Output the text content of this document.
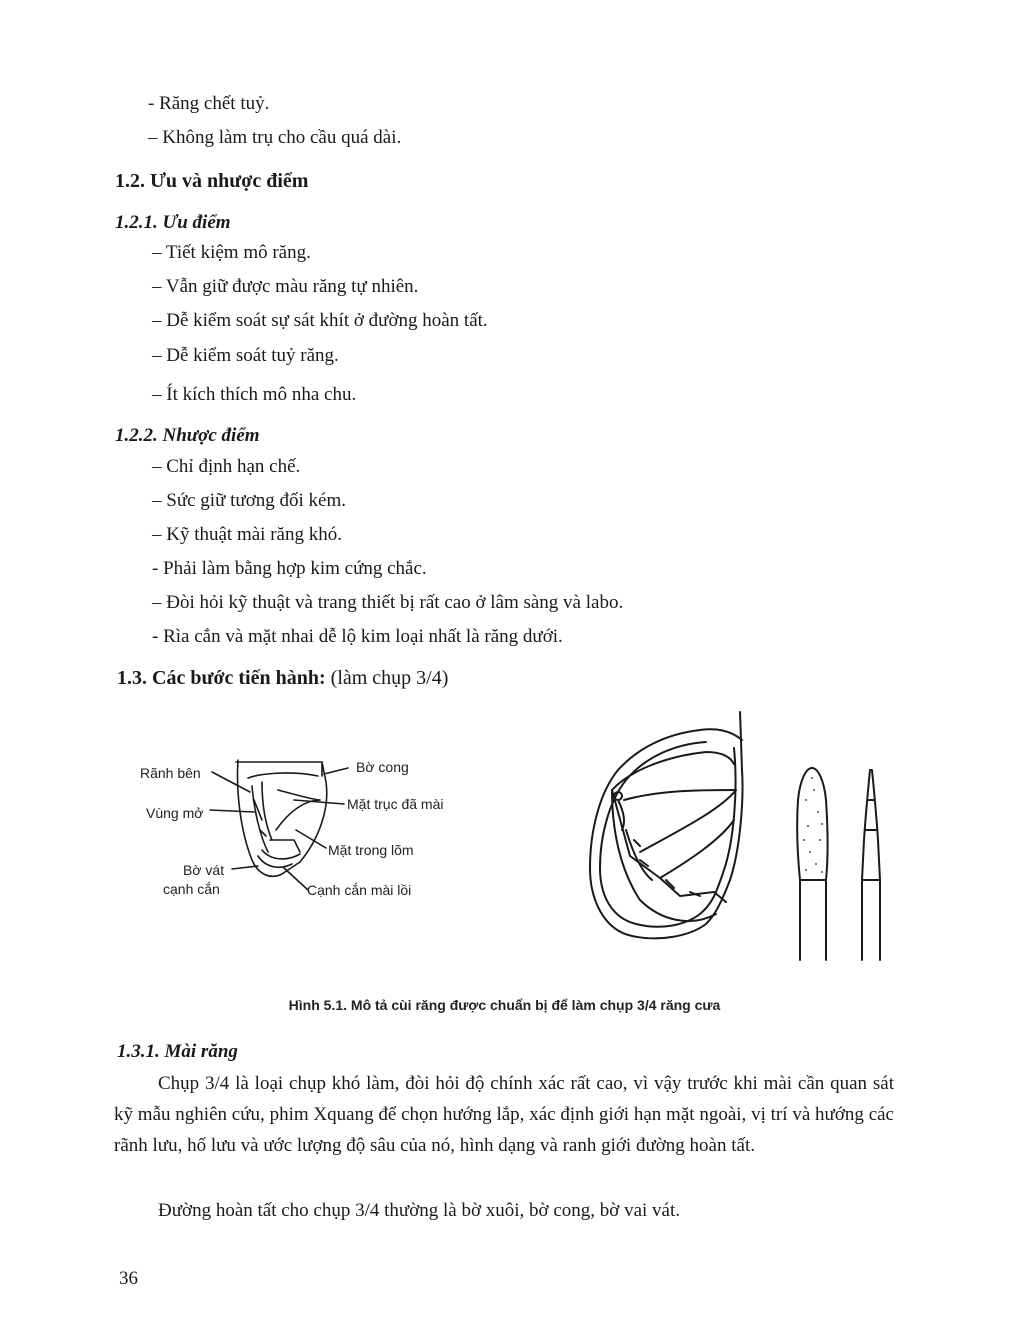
- Răng chết tuỷ.
– Không làm trụ cho cầu quá dài.
1.2. Ưu và nhược điểm
1.2.1. Ưu điểm
– Tiết kiệm mô răng.
– Vẫn giữ được màu răng tự nhiên.
– Dễ kiểm soát sự sát khít ở đường hoàn tất.
– Dễ kiểm soát tuỷ răng.
– Ít kích thích mô nha chu.
1.2.2. Nhược điểm
– Chỉ định hạn chế.
– Sức giữ tương đối kém.
– Kỹ thuật mài răng khó.
- Phải làm bằng hợp kim cứng chắc.
– Đòi hỏi kỹ thuật và trang thiết bị rất cao ở lâm sàng và labo.
- Rìa cắn và mặt nhai dễ lộ kim loại nhất là răng dưới.
1.3. Các bước tiến hành: (làm chụp 3/4)
Rãnh bên
Vùng mở
Bờ vát
cạnh cắn
Bờ cong
Mặt trục đã mài
Mặt trong lõm
Cạnh cắn mài lồi
Hình 5.1. Mô tả cùi răng được chuẩn bị để làm chụp 3/4 răng cưa
1.3.1. Mài răng
Chụp 3/4 là loại chụp khó làm, đòi hỏi độ chính xác rất cao, vì vậy trước khi mài cần quan sát kỹ mẫu nghiên cứu, phim Xquang để chọn hướng lắp, xác định giới hạn mặt ngoài, vị trí và hướng các rãnh lưu, hố lưu và ước lượng độ sâu của nó, hình dạng và ranh giới đường hoàn tất.
Đường hoàn tất cho chụp 3/4 thường là bờ xuôi, bờ cong, bờ vai vát.
36
